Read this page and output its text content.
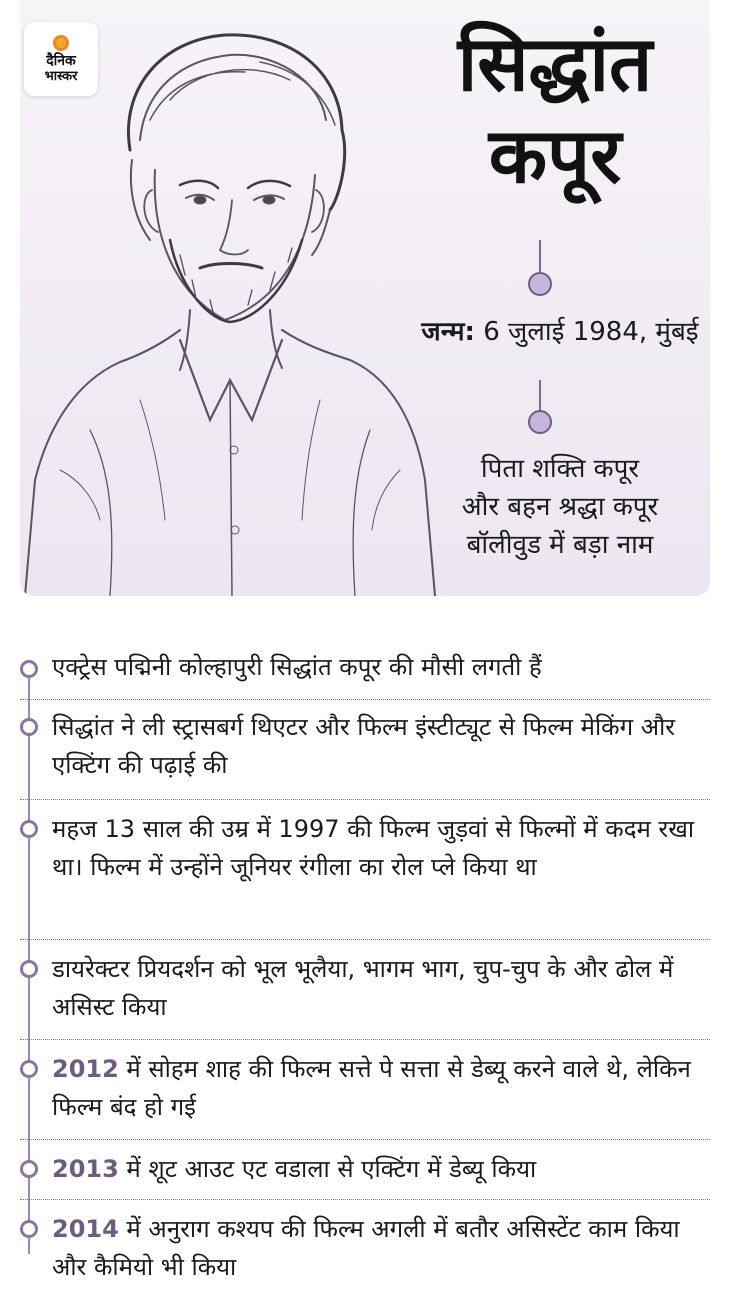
दैनिक
भास्कर	सिद्धांत
कपूर
जन्म: 6 जुलाई 1984, मुंबई
पिता शक्ति कपूर
और बहन श्रद्धा कपूर
बॉलीवुड में बड़ा नाम
एक्ट्रेस पद्मिनी कोल्हापुरी सिद्धांत कपूर की मौसी लगती हैं
सिद्धांत ने ली स्ट्रासबर्ग थिएटर और फिल्म इंस्टीट्यूट से फिल्म मेकिंग और एक्टिंग की पढ़ाई की
महज 13 साल की उम्र में 1997 की फिल्म जुड़वां से फिल्मों में कदम रखा था। फिल्म में उन्होंने जूनियर रंगीला का रोल प्ले किया था
डायरेक्टर प्रियदर्शन को भूल भूलैया, भागम भाग, चुप-चुप के और ढोल में असिस्ट किया
2012 में सोहम शाह की फिल्म सत्ते पे सत्ता से डेब्यू करने वाले थे, लेकिन फिल्म बंद हो गई
2013 में शूट आउट एट वडाला से एक्टिंग में डेब्यू किया
2014 में अनुराग कश्यप की फिल्म अगली में बतौर असिस्टेंट काम किया और कैमियो भी किया
